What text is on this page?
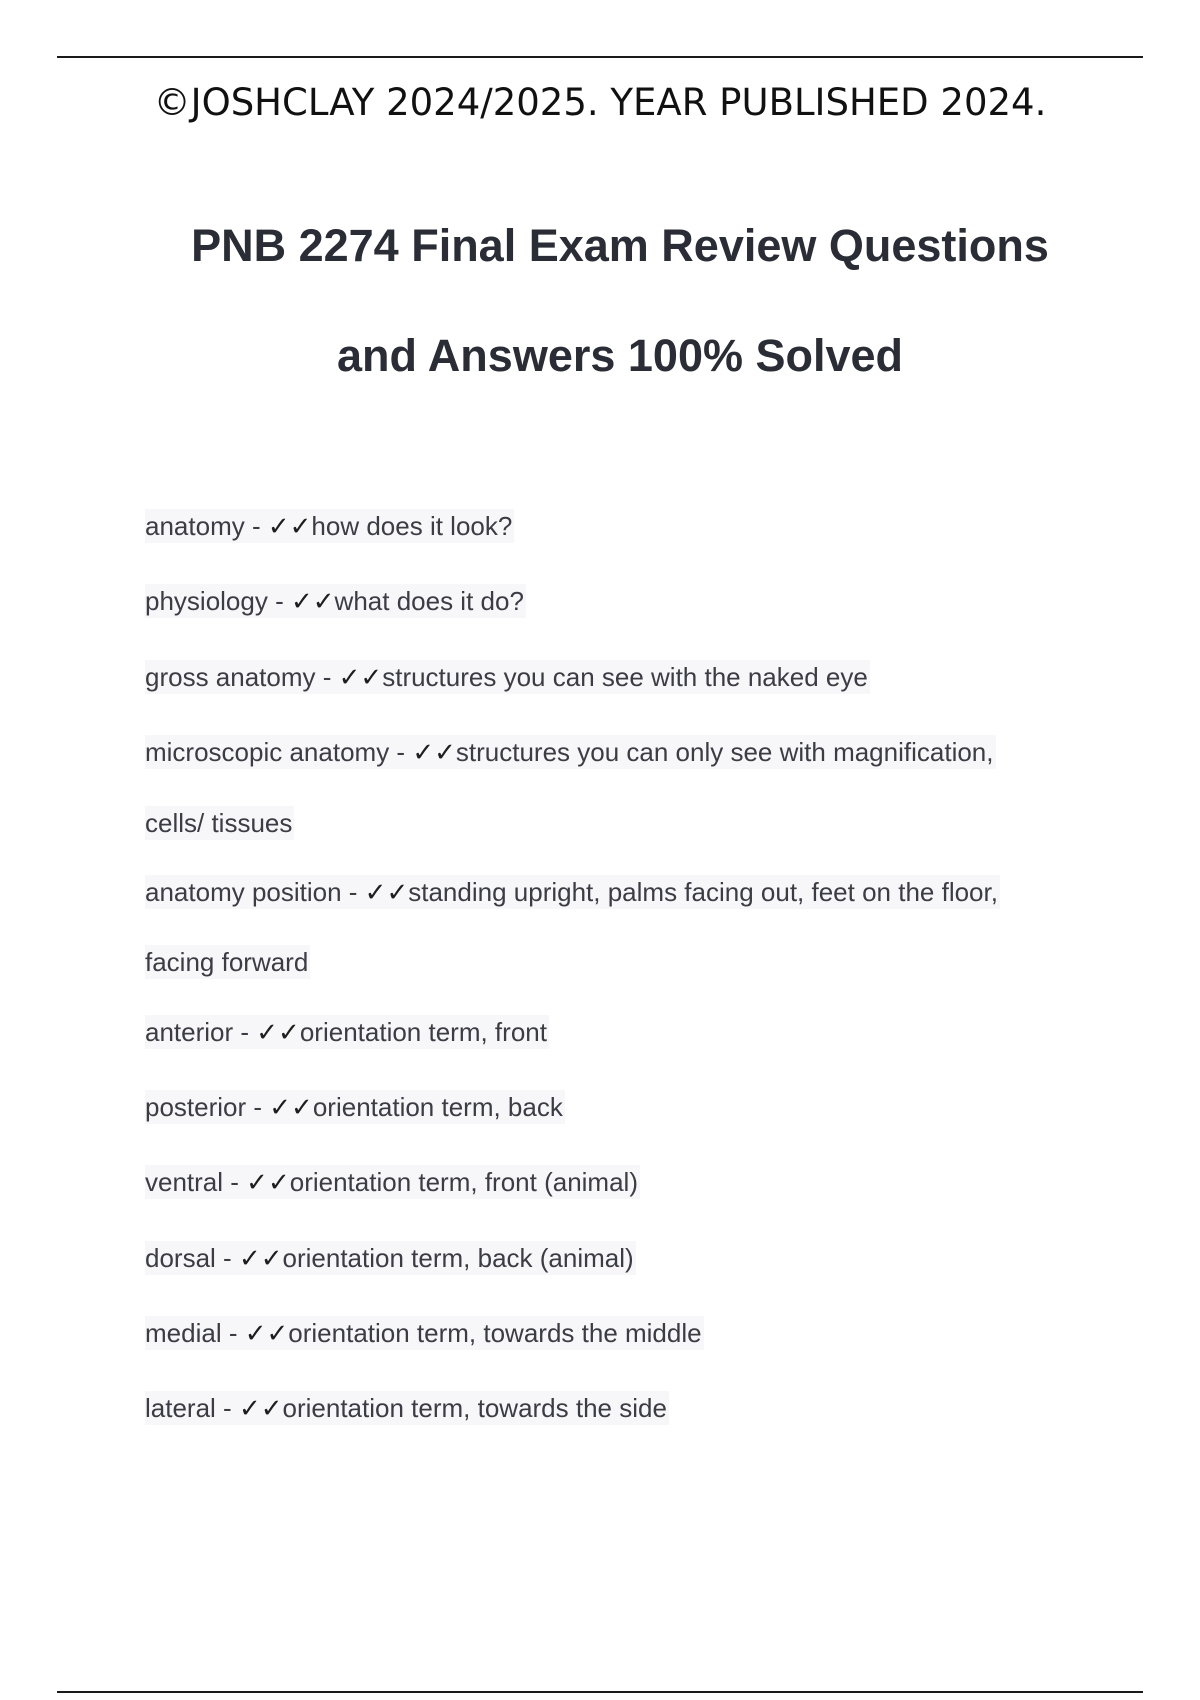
©JOSHCLAY 2024/2025. YEAR PUBLISHED 2024.
PNB 2274 Final Exam Review Questions
and Answers 100% Solved
anatomy - ✓✓how does it look?
physiology - ✓✓what does it do?
gross anatomy - ✓✓structures you can see with the naked eye
microscopic anatomy - ✓✓structures you can only see with magnification,
cells/ tissues
anatomy position - ✓✓standing upright, palms facing out, feet on the floor,
facing forward
anterior - ✓✓orientation term, front
posterior - ✓✓orientation term, back
ventral - ✓✓orientation term, front (animal)
dorsal - ✓✓orientation term, back (animal)
medial - ✓✓orientation term, towards the middle
lateral - ✓✓orientation term, towards the side
